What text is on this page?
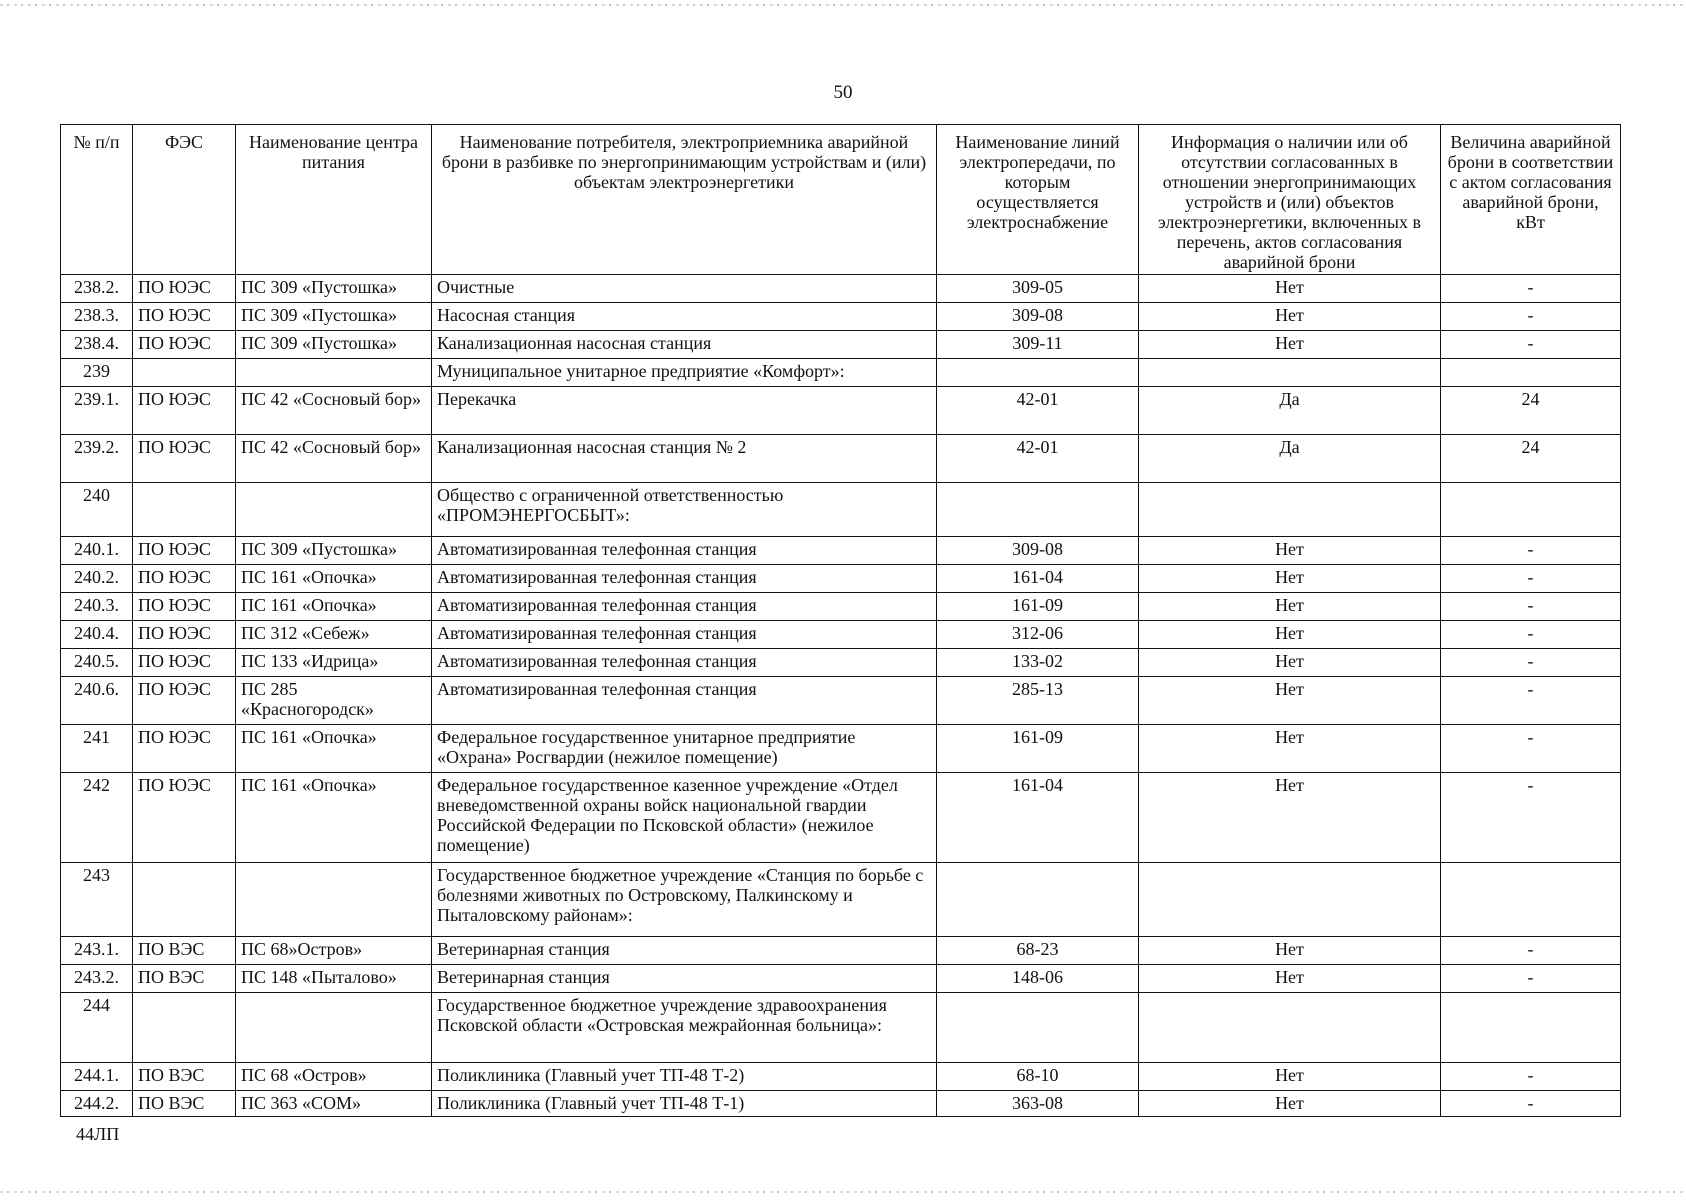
50
№ п/п	ФЭС	Наименование центра питания	Наименование потребителя, электроприемника аварийной брони в разбивке по энергопринимающим устройствам и (или) объектам электроэнергетики	Наименование линий электропередачи, по которым осуществляется электроснабжение	Информация о наличии или об отсутствии согласованных в отношении энергопринимающих устройств и (или) объектов электроэнергетики, включенных в перечень, актов согласования аварийной брони	Величина аварийной брони в соответствии с актом согласования аварийной брони, кВт
238.2.	ПО ЮЭС	ПС 309 «Пустошка»	Очистные	309-05	Нет	-
238.3.	ПО ЮЭС	ПС 309 «Пустошка»	Насосная станция	309-08	Нет	-
238.4.	ПО ЮЭС	ПС 309 «Пустошка»	Канализационная насосная станция	309-11	Нет	-
239			Муниципальное унитарное предприятие «Комфорт»:			
239.1.	ПО ЮЭС	ПС 42 «Сосновый бор»	Перекачка	42-01	Да	24
239.2.	ПО ЮЭС	ПС 42 «Сосновый бор»	Канализационная насосная станция № 2	42-01	Да	24
240			Общество с ограниченной ответственностью «ПРОМЭНЕРГОСБЫТ»:			
240.1.	ПО ЮЭС	ПС 309 «Пустошка»	Автоматизированная телефонная станция	309-08	Нет	-
240.2.	ПО ЮЭС	ПС 161 «Опочка»	Автоматизированная телефонная станция	161-04	Нет	-
240.3.	ПО ЮЭС	ПС 161 «Опочка»	Автоматизированная телефонная станция	161-09	Нет	-
240.4.	ПО ЮЭС	ПС 312 «Себеж»	Автоматизированная телефонная станция	312-06	Нет	-
240.5.	ПО ЮЭС	ПС 133 «Идрица»	Автоматизированная телефонная станция	133-02	Нет	-
240.6.	ПО ЮЭС	ПС 285 «Красногородск»	Автоматизированная телефонная станция	285-13	Нет	-
241	ПО ЮЭС	ПС 161 «Опочка»	Федеральное государственное унитарное предприятие «Охрана» Росгвардии (нежилое помещение)	161-09	Нет	-
242	ПО ЮЭС	ПС 161 «Опочка»	Федеральное государственное казенное учреждение «Отдел вневедомственной охраны войск национальной гвардии Российской Федерации по Псковской области» (нежилое помещение)	161-04	Нет	-
243			Государственное бюджетное учреждение «Станция по борьбе с болезнями животных по Островскому, Палкинскому и Пыталовскому районам»:			
243.1.	ПО ВЭС	ПС 68»Остров»	Ветеринарная станция	68-23	Нет	-
243.2.	ПО ВЭС	ПС 148 «Пыталово»	Ветеринарная станция	148-06	Нет	-
244			Государственное бюджетное учреждение здравоохранения Псковской области «Островская межрайонная больница»:			
244.1.	ПО ВЭС	ПС 68 «Остров»	Поликлиника (Главный учет ТП-48 Т-2)	68-10	Нет	-
244.2.	ПО ВЭС	ПС 363 «СОМ»	Поликлиника (Главный учет ТП-48 Т-1)	363-08	Нет	-
44ЛП
